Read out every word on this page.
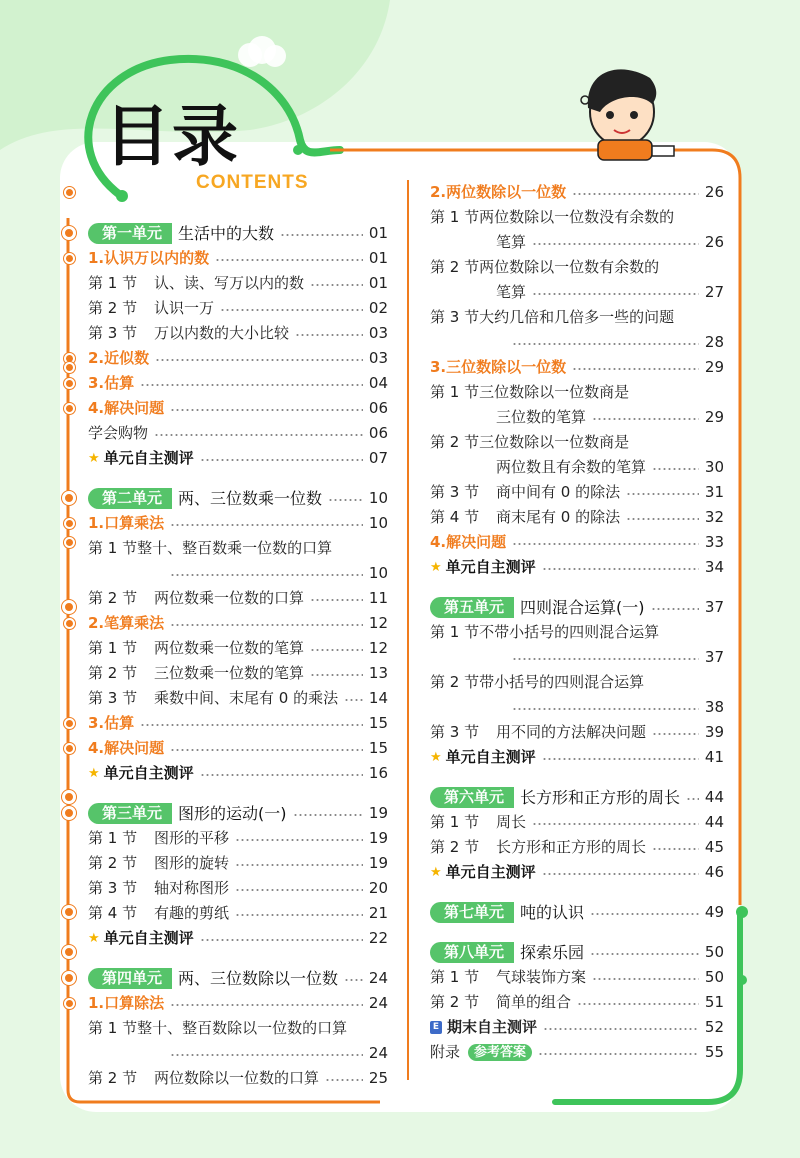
目录
CONTENTS
第一单元	生活中的大数	01
1.认识万以内的数	01
第 1 节	认、读、写万以内的数	01
第 2 节	认识一万	02
第 3 节	万以内数的大小比较	03
2.近似数	03
3.估算	04
4.解决问题	06
学会购物	06
★ 单元自主测评	07
第二单元	两、三位数乘一位数	10
1.口算乘法	10
第 1 节 整十、整百数乘一位数的口算
10
第 2 节	两位数乘一位数的口算	11
2.笔算乘法	12
第 1 节	两位数乘一位数的笔算	12
第 2 节	三位数乘一位数的笔算	13
第 3 节	乘数中间、末尾有 0 的乘法 14
3.估算	15
4.解决问题	15
★ 单元自主测评	16
第三单元	图形的运动(一)	19
第 1 节	图形的平移	19
第 2 节	图形的旋转	19
第 3 节	轴对称图形	20
第 4 节	有趣的剪纸	21
★ 单元自主测评	22
第四单元	两、三位数除以一位数 24
1.口算除法	24
第 1 节 整十、整百数除以一位数的口算
24
第 2 节	两位数除以一位数的口算	25
2.两位数除以一位数	26
第 1 节 两位数除以一位数没有余数的
笔算	26
第 2 节 两位数除以一位数有余数的
笔算	27
第 3 节 大约几倍和几倍多一些的问题
28
3.三位数除以一位数	29
第 1 节 三位数除以一位数商是
三位数的笔算	29
第 2 节 三位数除以一位数商是
两位数且有余数的笔算	30
第 3 节	商中间有 0 的除法	31
第 4 节	商末尾有 0 的除法	32
4.解决问题	33
★ 单元自主测评	34
第五单元	四则混合运算(一)	37
第 1 节 不带小括号的四则混合运算
37
第 2 节 带小括号的四则混合运算
38
第 3 节	用不同的方法解决问题	39
★ 单元自主测评	41
第六单元	长方形和正方形的周长 44
第 1 节	周长	44
第 2 节	长方形和正方形的周长	45
★ 单元自主测评	46
第七单元	吨的认识	49
第八单元	探索乐园	50
第 1 节	气球装饰方案	50
第 2 节	简单的组合	51
E 期末自主测评	52
附录	参考答案	55
